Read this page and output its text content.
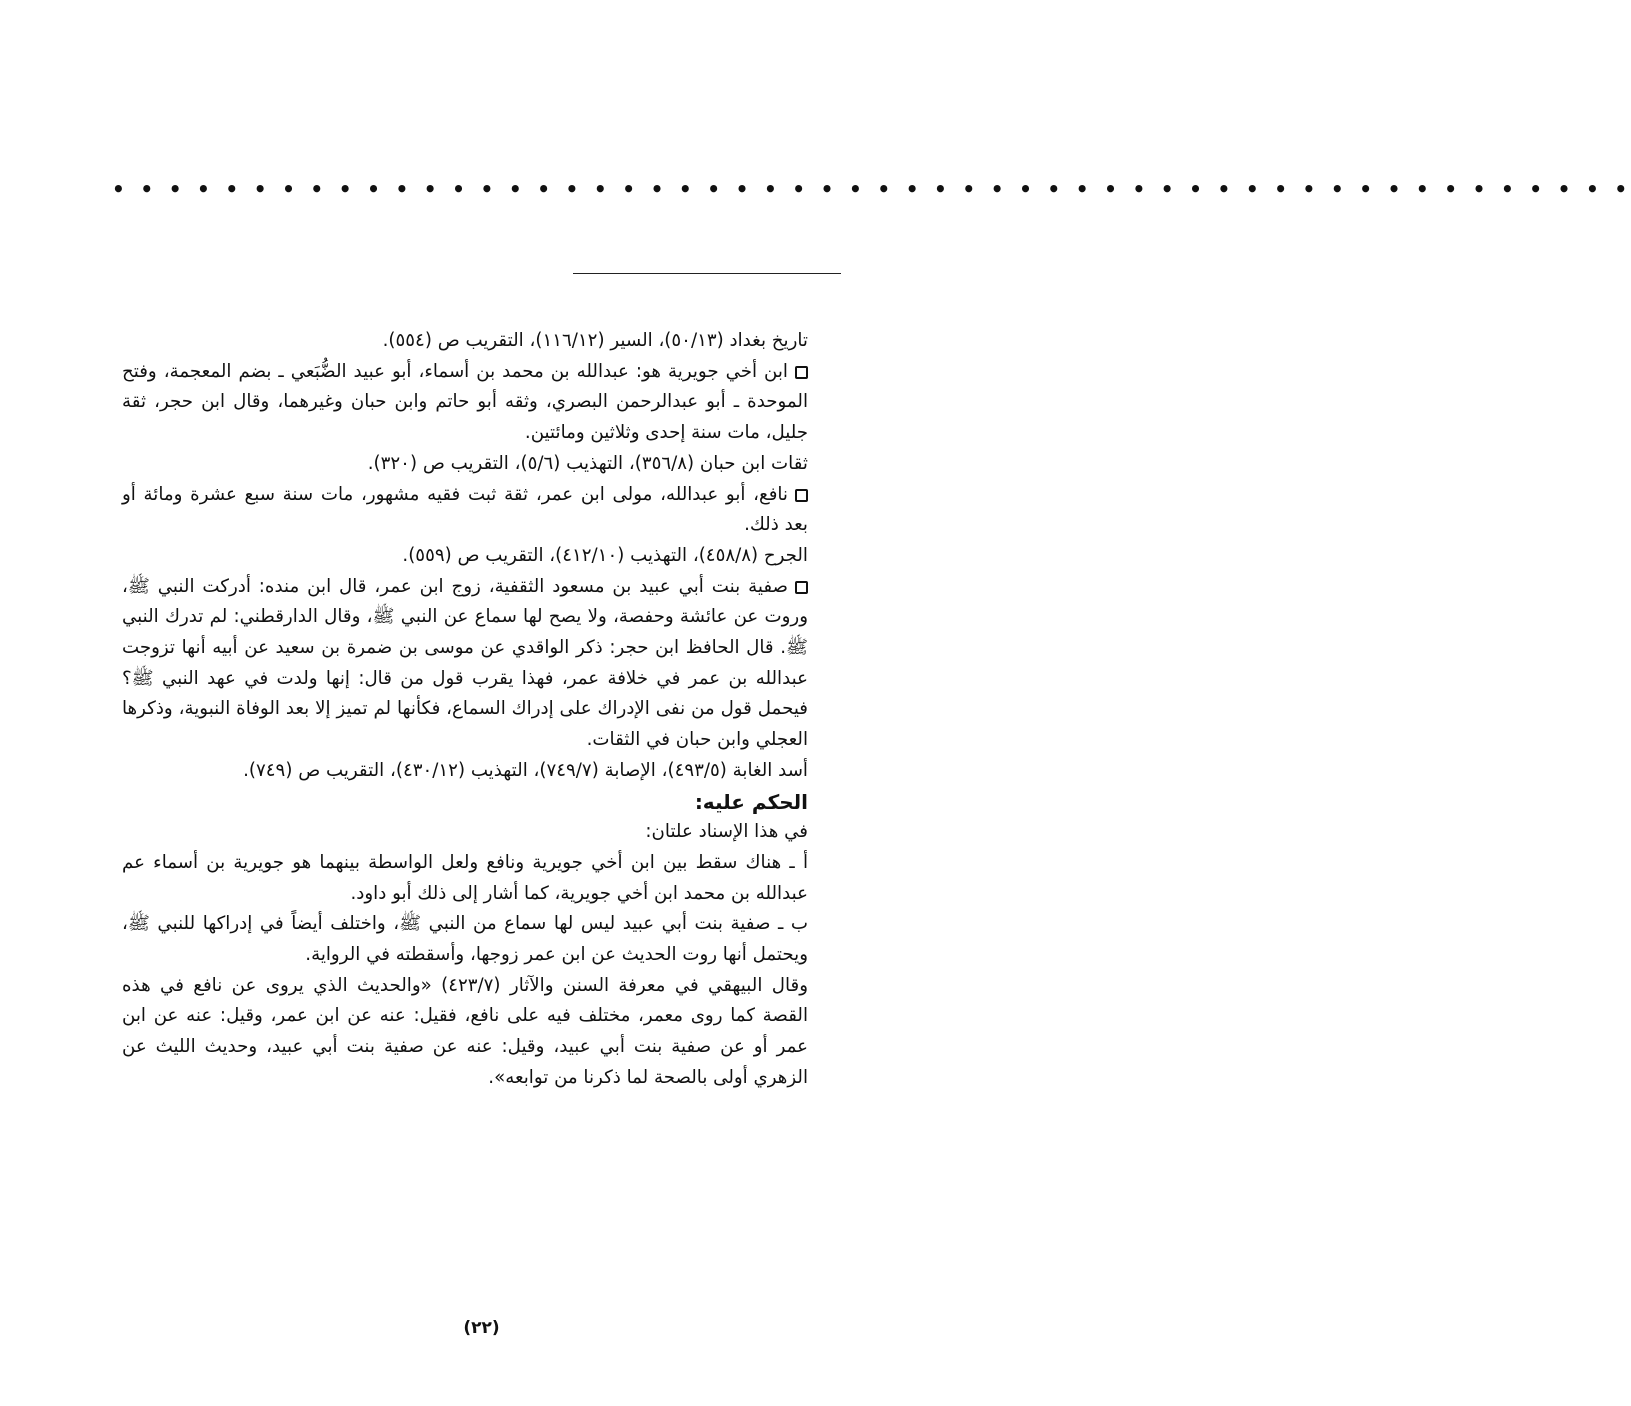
• • • • • • • • • • • • • • • • • • • • • • • • • • • • • • • • • • • • • • • • • • • • • • • • • • • • • •

تاريخ بغداد (٥٠/١٣)، السير (١١٦/١٢)، التقريب ص (٥٥٤).

ابن أخي جويرية هو: عبدالله بن محمد بن أسماء، أبو عبيد الضُّبَعي ـ بضم المعجمة، وفتح الموحدة ـ أبو عبدالرحمن البصري، وثقه أبو حاتم وابن حبان وغيرهما، وقال ابن حجر، ثقة جليل، مات سنة إحدى وثلاثين ومائتين.

ثقات ابن حبان (٣٥٦/٨)، التهذيب (٥/٦)، التقريب ص (٣٢٠).

نافع، أبو عبدالله، مولى ابن عمر، ثقة ثبت فقيه مشهور، مات سنة سبع عشرة ومائة أو بعد ذلك.

الجرح (٤٥٨/٨)، التهذيب (٤١٢/١٠)، التقريب ص (٥٥٩).

صفية بنت أبي عبيد بن مسعود الثقفية، زوج ابن عمر، قال ابن منده: أدركت النبي ﷺ، وروت عن عائشة وحفصة، ولا يصح لها سماع عن النبي ﷺ، وقال الدارقطني: لم تدرك النبي ﷺ. قال الحافظ ابن حجر: ذكر الواقدي عن موسى بن ضمرة بن سعيد عن أبيه أنها تزوجت عبدالله بن عمر في خلافة عمر، فهذا يقرب قول من قال: إنها ولدت في عهد النبي ﷺ؟ فيحمل قول من نفى الإدراك على إدراك السماع، فكأنها لم تميز إلا بعد الوفاة النبوية، وذكرها العجلي وابن حبان في الثقات.

أسد الغابة (٤٩٣/٥)، الإصابة (٧٤٩/٧)، التهذيب (٤٣٠/١٢)، التقريب ص (٧٤٩).

الحكم عليه:

في هذا الإسناد علتان:

أ ـ هناك سقط بين ابن أخي جويرية ونافع ولعل الواسطة بينهما هو جويرية بن أسماء عم عبدالله بن محمد ابن أخي جويرية، كما أشار إلى ذلك أبو داود.

ب ـ صفية بنت أبي عبيد ليس لها سماع من النبي ﷺ، واختلف أيضاً في إدراكها للنبي ﷺ، ويحتمل أنها روت الحديث عن ابن عمر زوجها، وأسقطته في الرواية.

وقال البيهقي في معرفة السنن والآثار (٤٢٣/٧) «والحديث الذي يروى عن نافع في هذه القصة كما روى معمر، مختلف فيه على نافع، فقيل: عنه عن ابن عمر، وقيل: عنه عن ابن عمر أو عن صفية بنت أبي عبيد، وقيل: عنه عن صفية بنت أبي عبيد، وحديث الليث عن الزهري أولى بالصحة لما ذكرنا من توابعه».

(٢٢)
